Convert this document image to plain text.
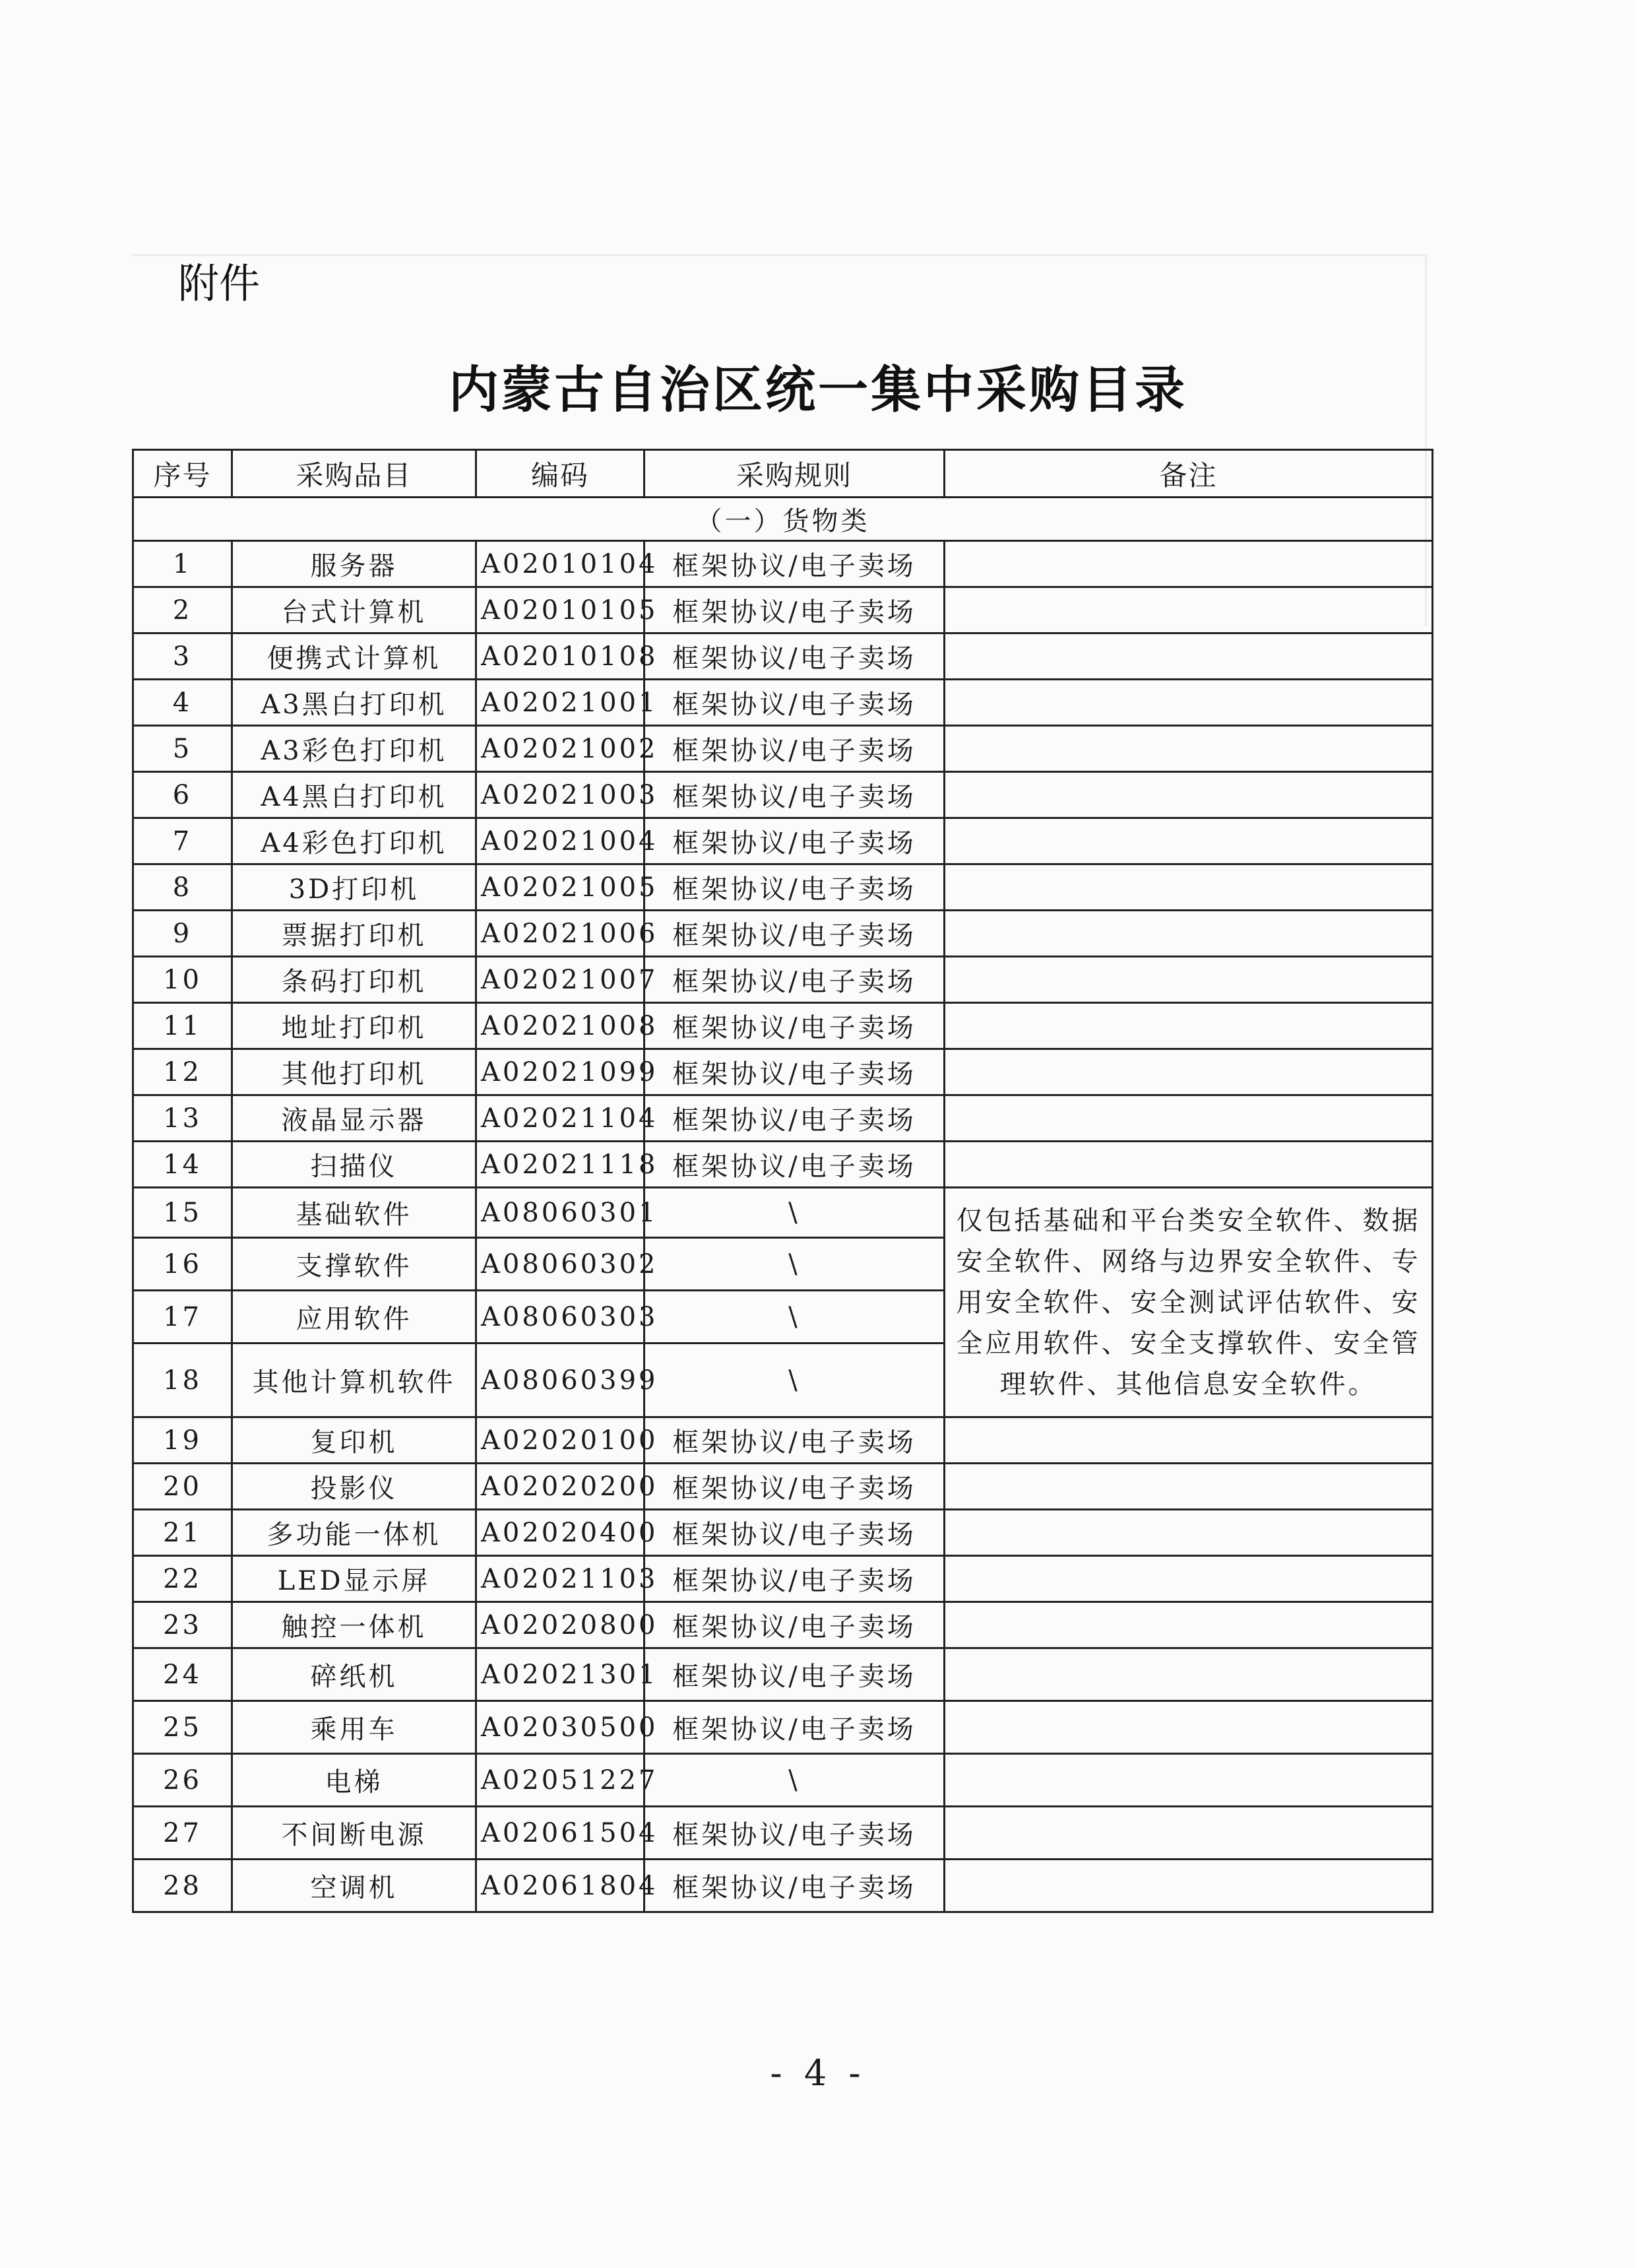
附件
内蒙古自治区统一集中采购目录
序号	采购品目	编码	采购规则	备注
（一）货物类				
1	服务器	A02010104	框架协议/电子卖场	
2	台式计算机	A02010105	框架协议/电子卖场	
3	便携式计算机	A02010108	框架协议/电子卖场	
4	A3黑白打印机	A02021001	框架协议/电子卖场	
5	A3彩色打印机	A02021002	框架协议/电子卖场	
6	A4黑白打印机	A02021003	框架协议/电子卖场	
7	A4彩色打印机	A02021004	框架协议/电子卖场	
8	3D打印机	A02021005	框架协议/电子卖场	
9	票据打印机	A02021006	框架协议/电子卖场	
10	条码打印机	A02021007	框架协议/电子卖场	
11	地址打印机	A02021008	框架协议/电子卖场	
12	其他打印机	A02021099	框架协议/电子卖场	
13	液晶显示器	A02021104	框架协议/电子卖场	
14	扫描仪	A02021118	框架协议/电子卖场	
15	基础软件	A08060301	\	仅包括基础和平台类安全软件、数据安全软件、网络与边界安全软件、专用安全软件、安全测试评估软件、安全应用软件、安全支撑软件、安全管理软件、其他信息安全软件。
16	支撑软件	A08060302	\	
17	应用软件	A08060303	\	
18	其他计算机软件	A08060399	\	
19	复印机	A02020100	框架协议/电子卖场	
20	投影仪	A02020200	框架协议/电子卖场	
21	多功能一体机	A02020400	框架协议/电子卖场	
22	LED显示屏	A02021103	框架协议/电子卖场	
23	触控一体机	A02020800	框架协议/电子卖场	
24	碎纸机	A02021301	框架协议/电子卖场	
25	乘用车	A02030500	框架协议/电子卖场	
26	电梯	A02051227	\	
27	不间断电源	A02061504	框架协议/电子卖场	
28	空调机	A02061804	框架协议/电子卖场	
- 4 -
